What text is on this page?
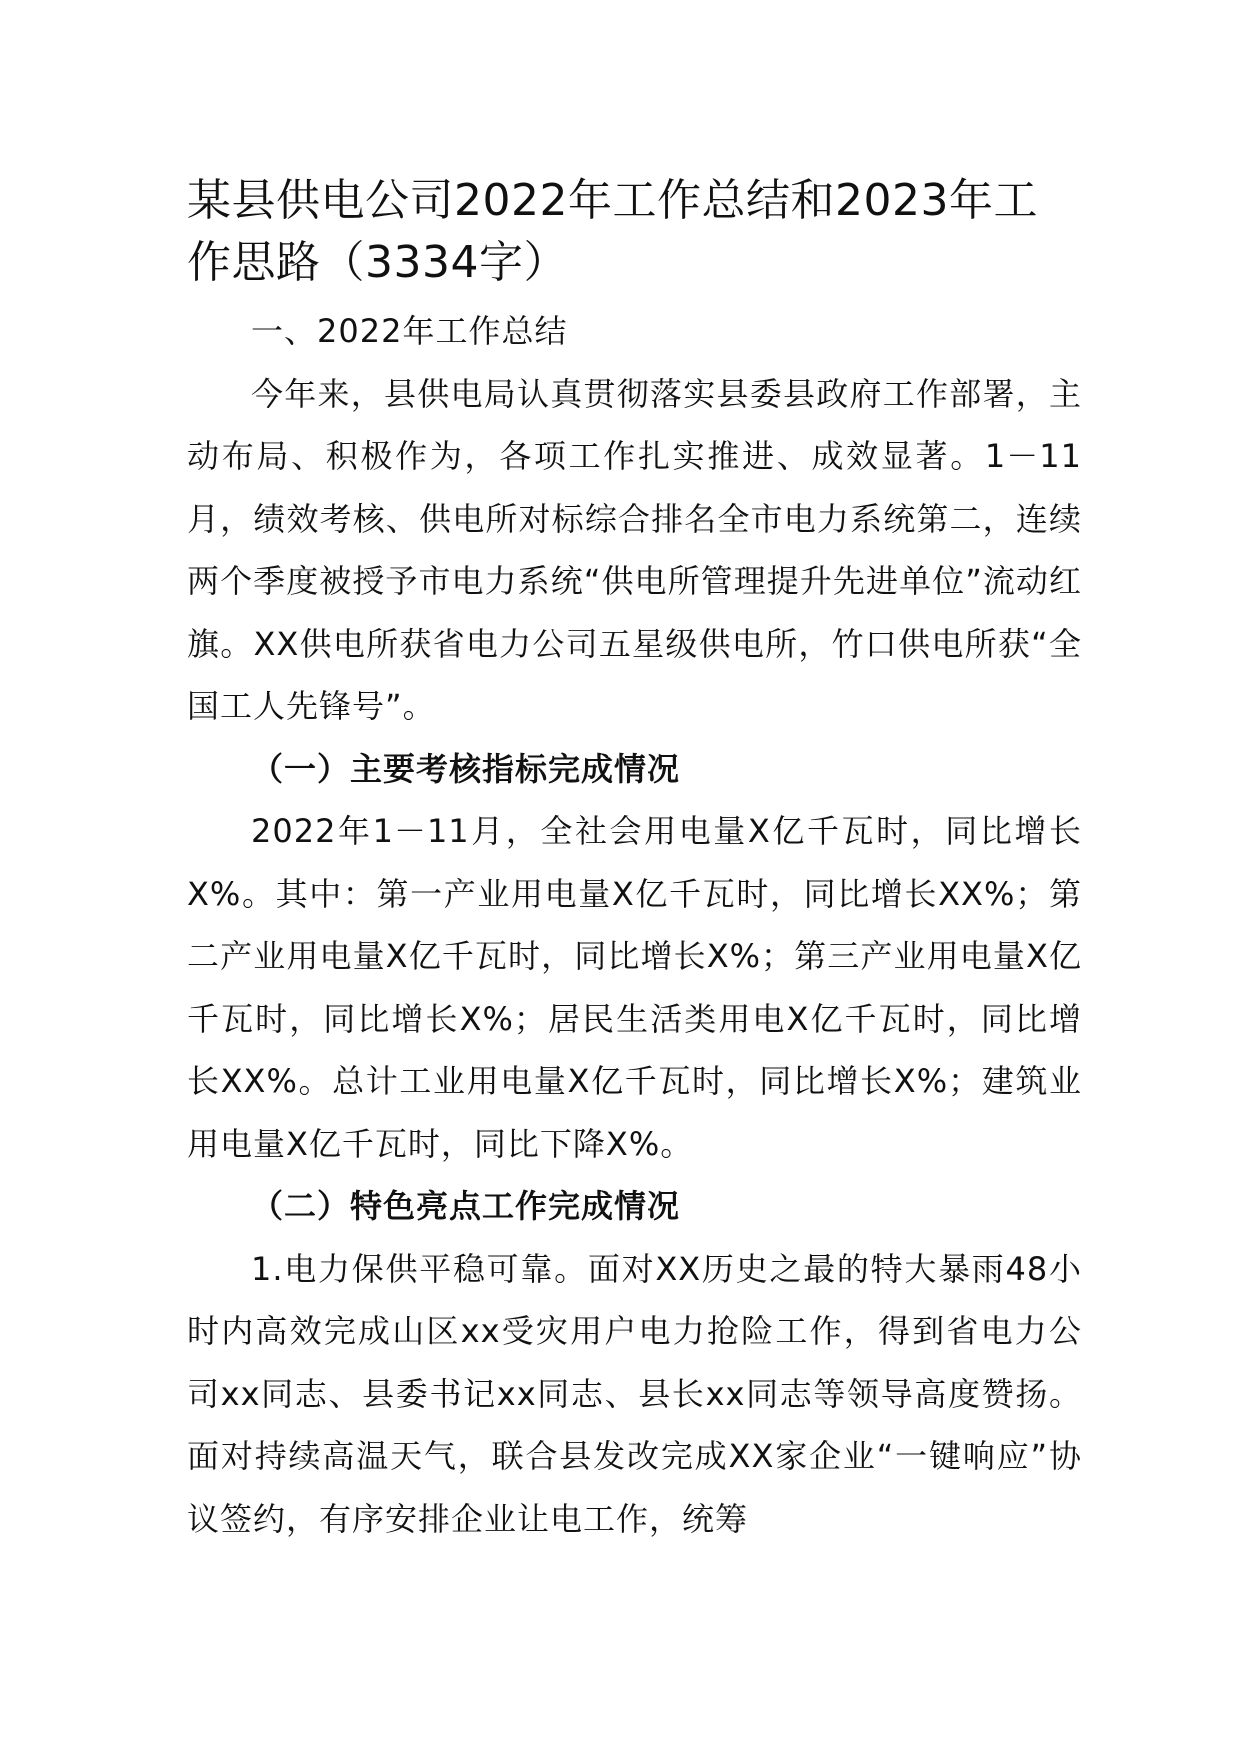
某县供电公司2022年工作总结和2023年工作思路（3334字）

一、2022年工作总结

今年来，县供电局认真贯彻落实县委县政府工作部署，主动布局、积极作为，各项工作扎实推进、成效显著。1－11月，绩效考核、供电所对标综合排名全市电力系统第二，连续两个季度被授予市电力系统“供电所管理提升先进单位”流动红旗。XX供电所获省电力公司五星级供电所，竹口供电所获“全国工人先锋号”。

（一）主要考核指标完成情况

2022年1－11月，全社会用电量X亿千瓦时，同比增长X%。其中：第一产业用电量X亿千瓦时，同比增长XX%；第二产业用电量X亿千瓦时，同比增长X%；第三产业用电量X亿千瓦时，同比增长X%；居民生活类用电X亿千瓦时，同比增长XX%。总计工业用电量X亿千瓦时，同比增长X%；建筑业用电量X亿千瓦时，同比下降X%。

（二）特色亮点工作完成情况

1.电力保供平稳可靠。面对XX历史之最的特大暴雨48小时内高效完成山区xx受灾用户电力抢险工作，得到省电力公司xx同志、县委书记xx同志、县长xx同志等领导高度赞扬。面对持续高温天气，联合县发改完成XX家企业“一键响应”协议签约，有序安排企业让电工作，统筹
